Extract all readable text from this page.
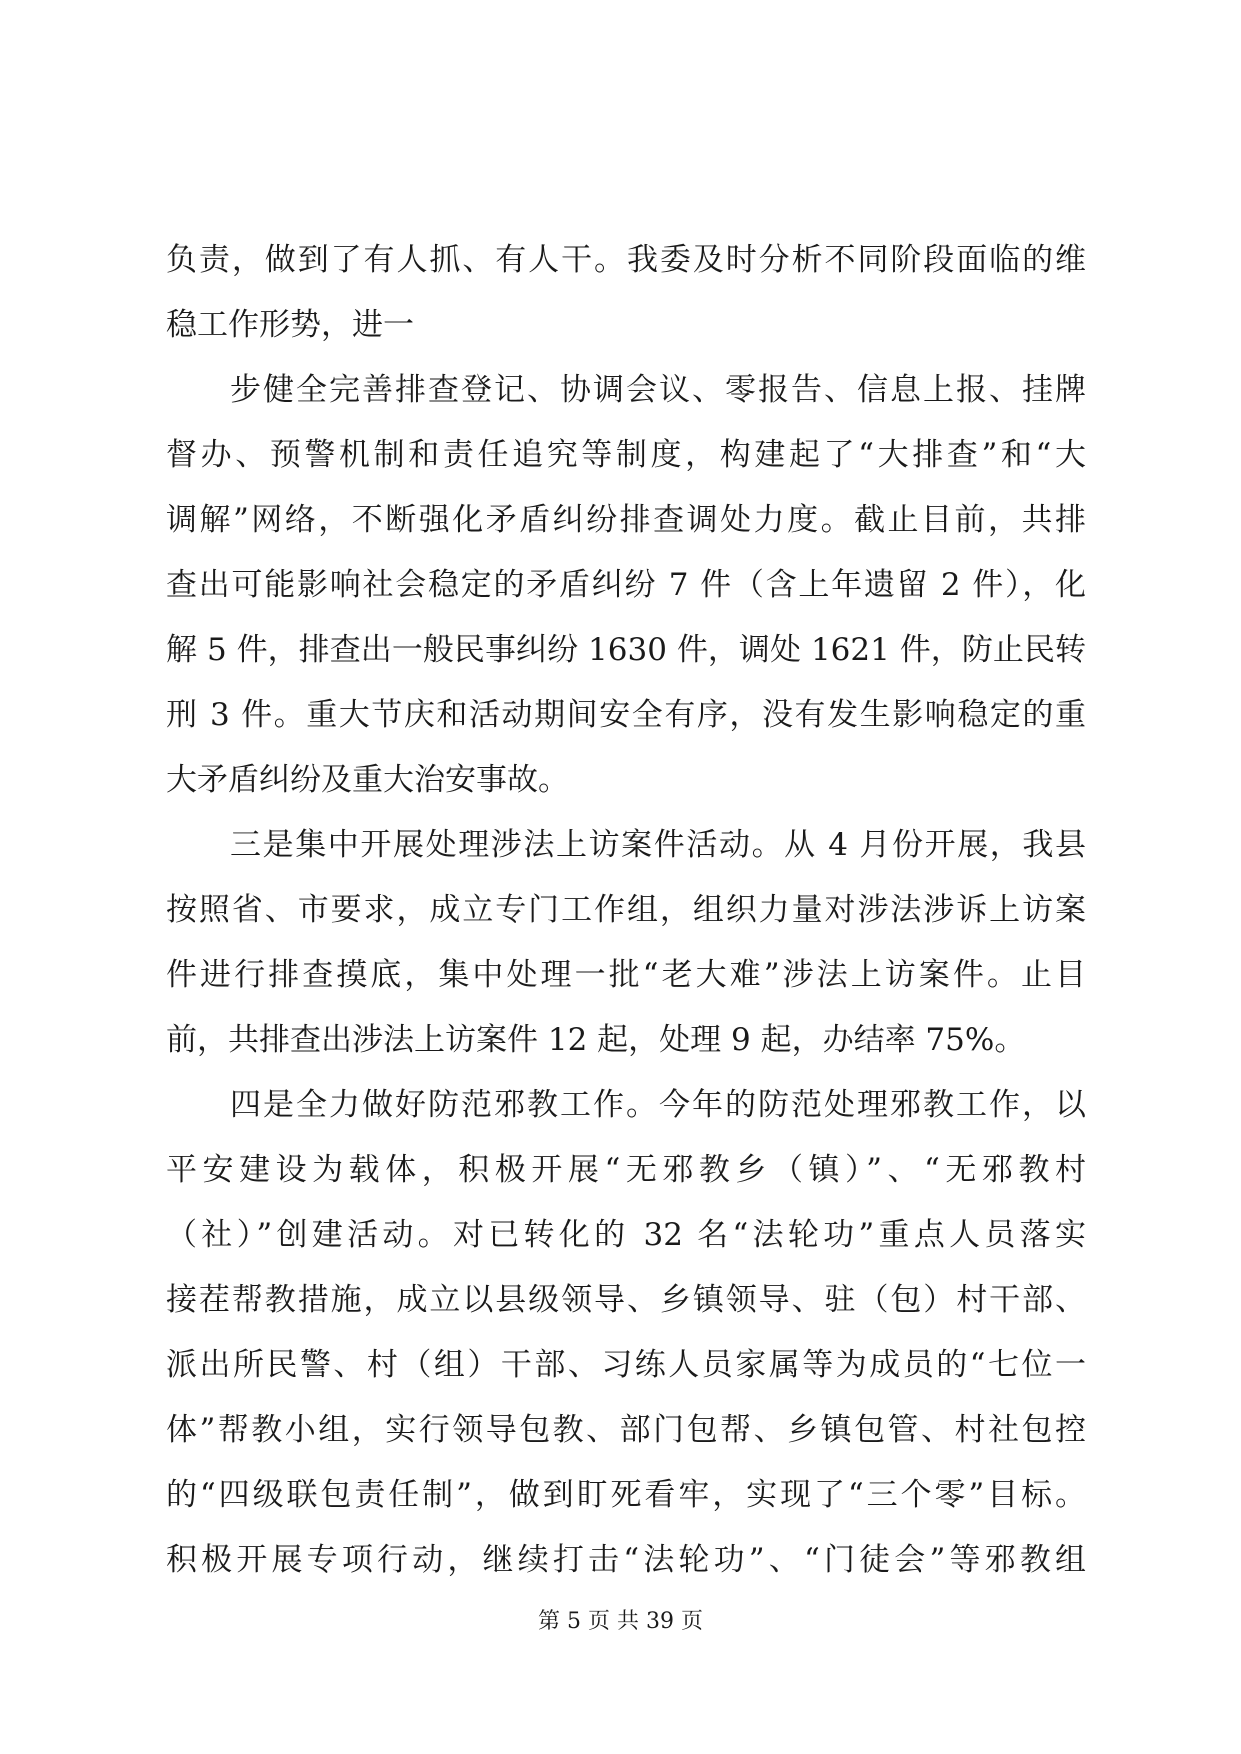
负责，做到了有人抓、有人干。我委及时分析不同阶段面临的维
稳工作形势，进一
步健全完善排查登记、协调会议、零报告、信息上报、挂牌
督办、预警机制和责任追究等制度，构建起了“大排查”和“大
调解”网络，不断强化矛盾纠纷排查调处力度。截止目前，共排
查出可能影响社会稳定的矛盾纠纷 7 件（含上年遗留 2 件），化
解 5 件，排查出一般民事纠纷 1630 件，调处 1621 件，防止民转
刑 3 件。重大节庆和活动期间安全有序，没有发生影响稳定的重
大矛盾纠纷及重大治安事故。
三是集中开展处理涉法上访案件活动。从 4 月份开展，我县
按照省、市要求，成立专门工作组，组织力量对涉法涉诉上访案
件进行排查摸底，集中处理一批“老大难”涉法上访案件。止目
前，共排查出涉法上访案件 12 起，处理 9 起，办结率 75%。
四是全力做好防范邪教工作。今年的防范处理邪教工作，以
平安建设为载体，积极开展“无邪教乡（镇）”、“无邪教村
（社）”创建活动。对已转化的 32 名“法轮功”重点人员落实
接茬帮教措施，成立以县级领导、乡镇领导、驻（包）村干部、
派出所民警、村（组）干部、习练人员家属等为成员的“七位一
体”帮教小组，实行领导包教、部门包帮、乡镇包管、村社包控
的“四级联包责任制”，做到盯死看牢，实现了“三个零”目标。
积极开展专项行动，继续打击“法轮功”、“门徒会”等邪教组
第 5 页 共 39 页
